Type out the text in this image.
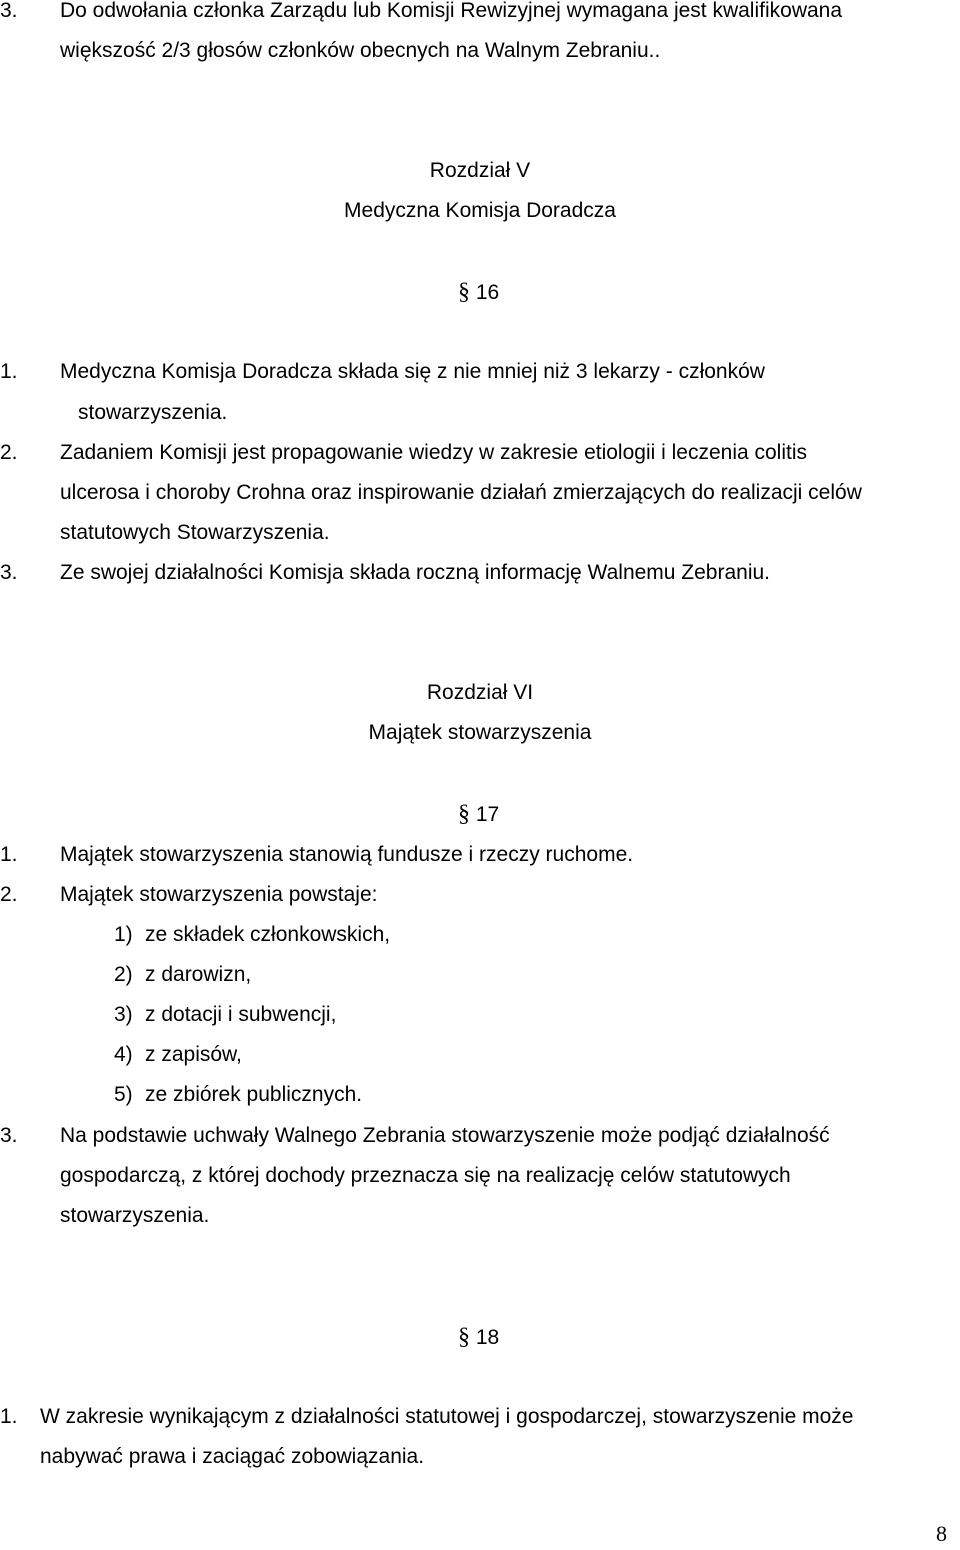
3. Do odwołania członka Zarządu lub Komisji Rewizyjnej wymagana jest kwalifikowana
większość 2/3 głosów członków obecnych na Walnym Zebraniu..
Rozdział V
Medyczna Komisja Doradcza
§ 16
1. Medyczna Komisja Doradcza składa się z nie mniej niż 3 lekarzy - członków
stowarzyszenia.
2. Zadaniem Komisji jest propagowanie wiedzy w zakresie etiologii i leczenia colitis
ulcerosa i choroby Crohna oraz inspirowanie działań zmierzających do realizacji celów
statutowych Stowarzyszenia.
3. Ze swojej działalności Komisja składa roczną informację Walnemu Zebraniu.
Rozdział VI
Majątek stowarzyszenia
§ 17
1. Majątek stowarzyszenia stanowią fundusze i rzeczy ruchome.
2. Majątek stowarzyszenia powstaje:
1) ze składek członkowskich,
2) z darowizn,
3) z dotacji i subwencji,
4) z zapisów,
5) ze zbiórek publicznych.
3. Na podstawie uchwały Walnego Zebrania stowarzyszenie może podjąć działalność
gospodarczą, z której dochody przeznacza się na realizację celów statutowych
stowarzyszenia.
§ 18
1. W zakresie wynikającym z działalności statutowej i gospodarczej, stowarzyszenie może
nabywać prawa i zaciągać zobowiązania.
8
